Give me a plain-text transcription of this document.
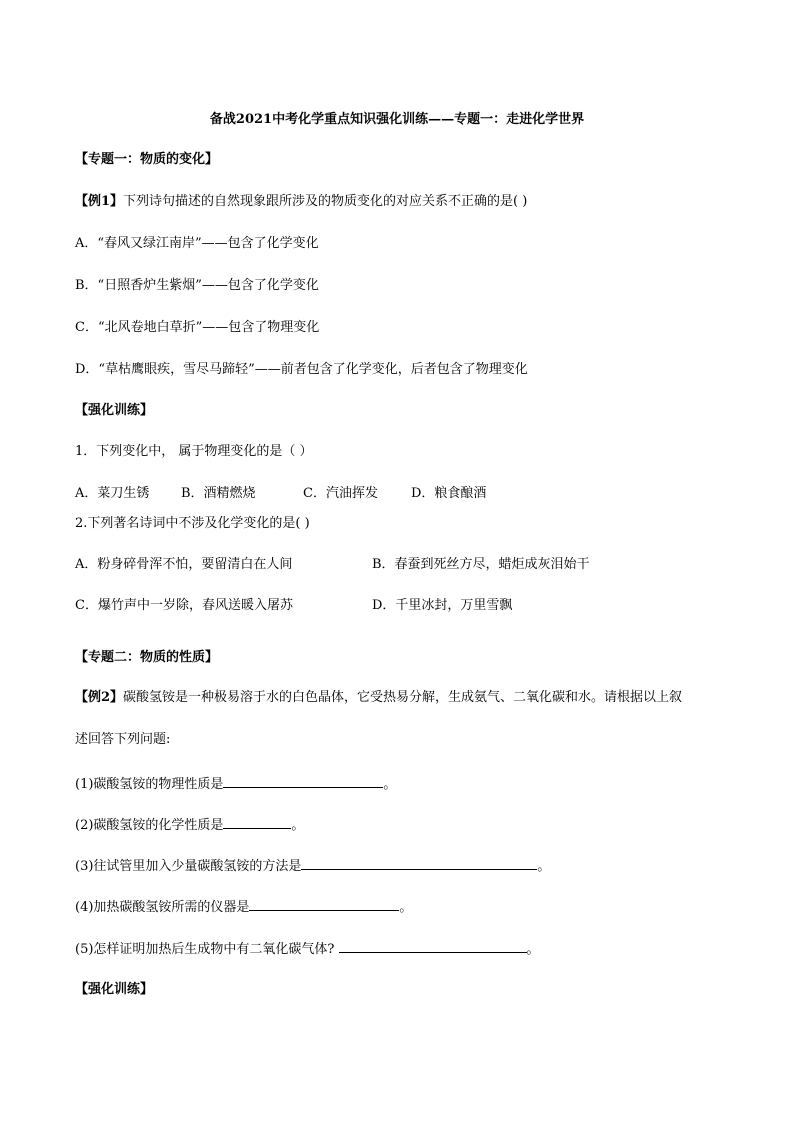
备战2021中考化学重点知识强化训练——专题一：走进化学世界
【专题一：物质的变化】
【例1】下列诗句描述的自然现象跟所涉及的物质变化的对应关系不正确的是( )
A．“春风又绿江南岸”——包含了化学变化
B．“日照香炉生紫烟”——包含了化学变化
C．“北风卷地白草折”——包含了物理变化
D．“草枯鹰眼疾，雪尽马蹄轻”——前者包含了化学变化，后者包含了物理变化
【强化训练】
1．下列变化中， 属于物理变化的是（ ）
A．菜刀生锈 B．酒精燃烧	C．汽油挥发	D．粮食酿酒
2.下列著名诗词中不涉及化学变化的是( )
A．粉身碎骨浑不怕，要留清白在人间	B．春蚕到死丝方尽，蜡炬成灰泪始干
C．爆竹声中一岁除，春风送暖入屠苏	D．千里冰封，万里雪飘
【专题二：物质的性质】
【例2】碳酸氢铵是一种极易溶于水的白色晶体，它受热易分解，生成氨气、二氧化碳和水。请根据以上叙
述回答下列问题:
(1)碳酸氢铵的物理性质是	。
(2)碳酸氢铵的化学性质是	。
(3)往试管里加入少量碳酸氢铵的方法是	。
(4)加热碳酸氢铵所需的仪器是	。
(5)怎样证明加热后生成物中有二氧化碳气体?	。
【强化训练】
